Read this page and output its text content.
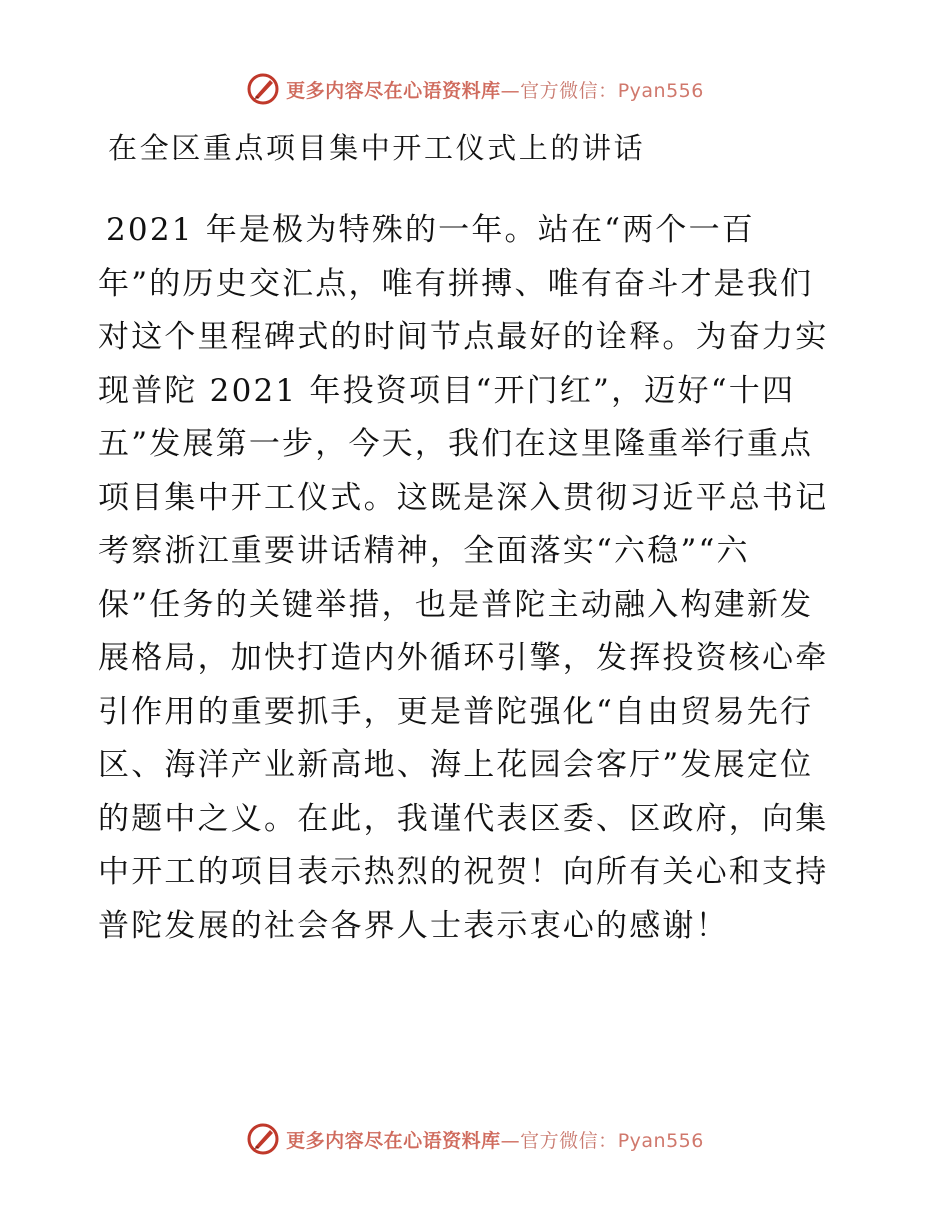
更多内容尽在心语资料库—官方微信：Pyan556
在全区重点项目集中开工仪式上的讲话
2021 年是极为特殊的一年。站在“两个一百
年”的历史交汇点，唯有拼搏、唯有奋斗才是我们
对这个里程碑式的时间节点最好的诠释。为奋力实
现普陀 2021 年投资项目“开门红”，迈好“十四
五”发展第一步，今天，我们在这里隆重举行重点
项目集中开工仪式。这既是深入贯彻习近平总书记
考察浙江重要讲话精神，全面落实“六稳”“六
保”任务的关键举措，也是普陀主动融入构建新发
展格局，加快打造内外循环引擎，发挥投资核心牵
引作用的重要抓手，更是普陀强化“自由贸易先行
区、海洋产业新高地、海上花园会客厅”发展定位
的题中之义。在此，我谨代表区委、区政府，向集
中开工的项目表示热烈的祝贺！向所有关心和支持
普陀发展的社会各界人士表示衷心的感谢！
更多内容尽在心语资料库—官方微信：Pyan556
